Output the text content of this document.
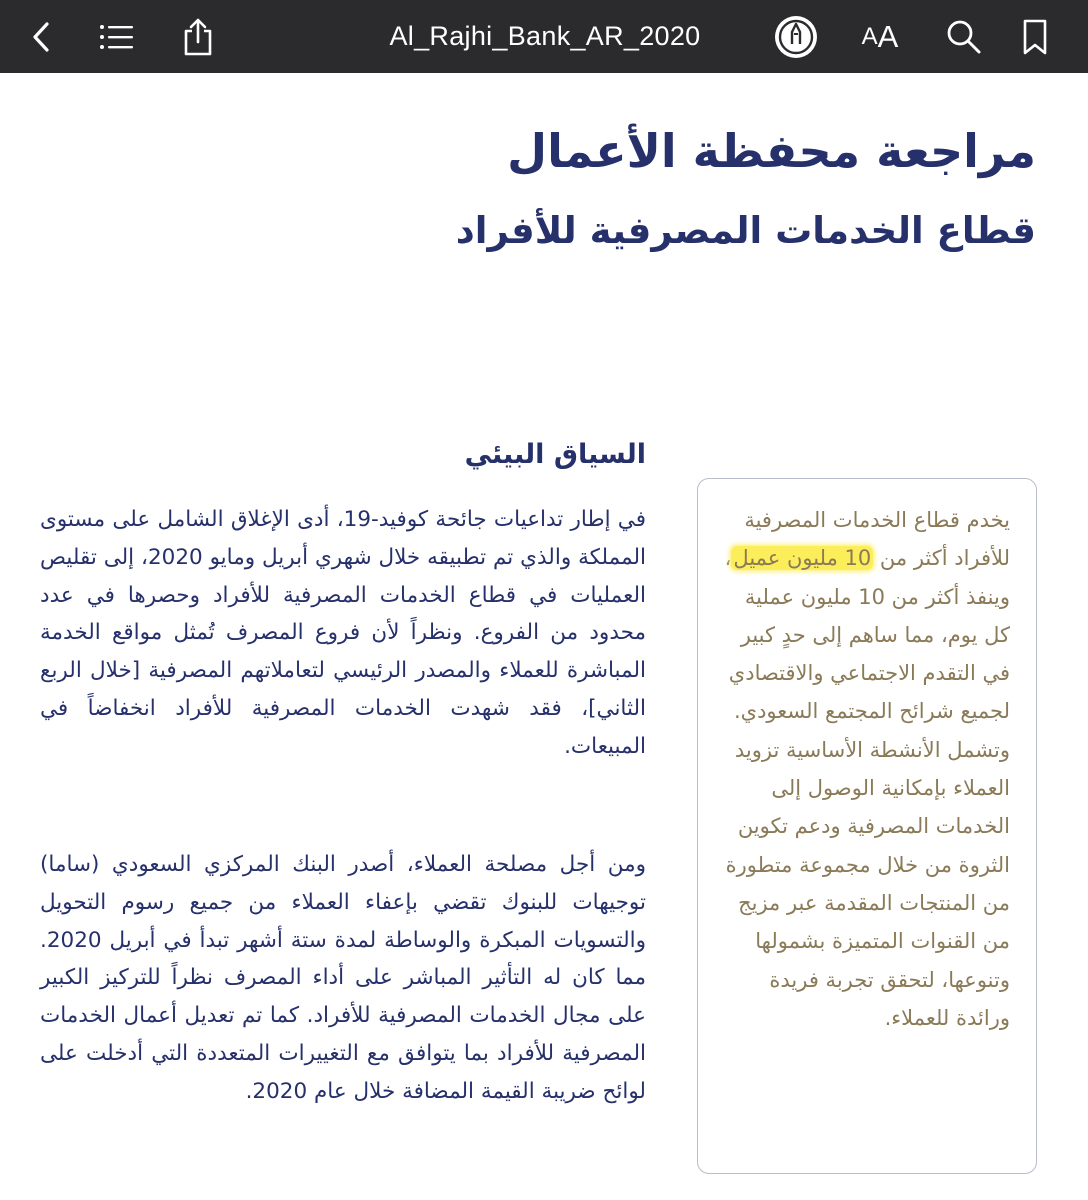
Al_Rajhi_Bank_AR_2020	A A
مراجعة محفظة الأعمال
قطاع الخدمات المصرفية للأفراد
السياق البيئي
في إطار تداعيات جائحة كوفيد-19، أدى الإغلاق الشامل على مستوى المملكة والذي تم تطبيقه خلال شهري أبريل ومايو 2020، إلى تقليص العمليات في قطاع الخدمات المصرفية للأفراد وحصرها في عدد محدود من الفروع. ونظراً لأن فروع المصرف تُمثل مواقع الخدمة المباشرة للعملاء والمصدر الرئيسي لتعاملاتهم المصرفية [خلال الربع الثاني]، فقد شهدت الخدمات المصرفية للأفراد انخفاضاً في المبيعات.
ومن أجل مصلحة العملاء، أصدر البنك المركزي السعودي (ساما) توجيهات للبنوك تقضي بإعفاء العملاء من جميع رسوم التحويل والتسويات المبكرة والوساطة لمدة ستة أشهر تبدأ في أبريل 2020. مما كان له التأثير المباشر على أداء المصرف نظراً للتركيز الكبير على مجال الخدمات المصرفية للأفراد. كما تم تعديل أعمال الخدمات المصرفية للأفراد بما يتوافق مع التغييرات المتعددة التي أدخلت على لوائح ضريبة القيمة المضافة خلال عام 2020.
يخدم قطاع الخدمات المصرفية للأفراد أكثر من 10 مليون عميل، وينفذ أكثر من 10 مليون عملية كل يوم، مما ساهم إلى حدٍ كبير في التقدم الاجتماعي والاقتصادي لجميع شرائح المجتمع السعودي. وتشمل الأنشطة الأساسية تزويد العملاء بإمكانية الوصول إلى الخدمات المصرفية ودعم تكوين الثروة من خلال مجموعة متطورة من المنتجات المقدمة عبر مزيج من القنوات المتميزة بشمولها وتنوعها، لتحقق تجربة فريدة ورائدة للعملاء.
